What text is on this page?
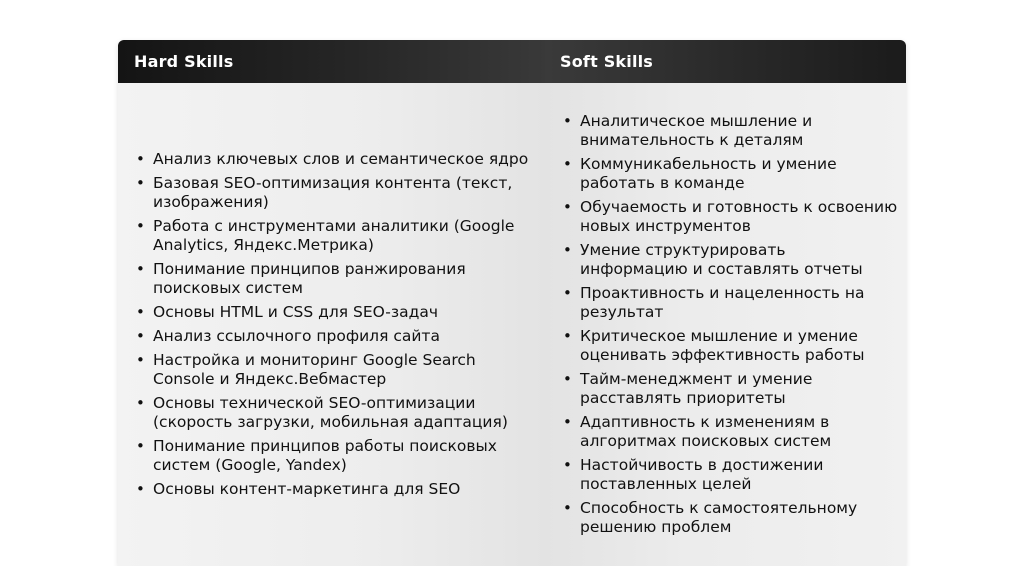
Hard Skills	Soft Skills
• Анализ ключевых слов и семантическое ядро
• Базовая SEO-оптимизация контента (текст, изображения)
• Работа с инструментами аналитики (Google Analytics, Яндекс.Метрика)
• Понимание принципов ранжирования поисковых систем
• Основы HTML и CSS для SEO-задач
• Анализ ссылочного профиля сайта
• Настройка и мониторинг Google Search Console и Яндекс.Вебмастер
• Основы технической SEO-оптимизации (скорость загрузки, мобильная адаптация)
• Понимание принципов работы поисковых систем (Google, Yandex)
• Основы контент-маркетинга для SEO
• Аналитическое мышление и внимательность к деталям
• Коммуникабельность и умение работать в команде
• Обучаемость и готовность к освоению новых инструментов
• Умение структурировать информацию и составлять отчеты
• Проактивность и нацеленность на результат
• Критическое мышление и умение оценивать эффективность работы
• Тайм-менеджмент и умение расставлять приоритеты
• Адаптивность к изменениям в алгоритмах поисковых систем
• Настойчивость в достижении поставленных целей
• Способность к самостоятельному решению проблем
